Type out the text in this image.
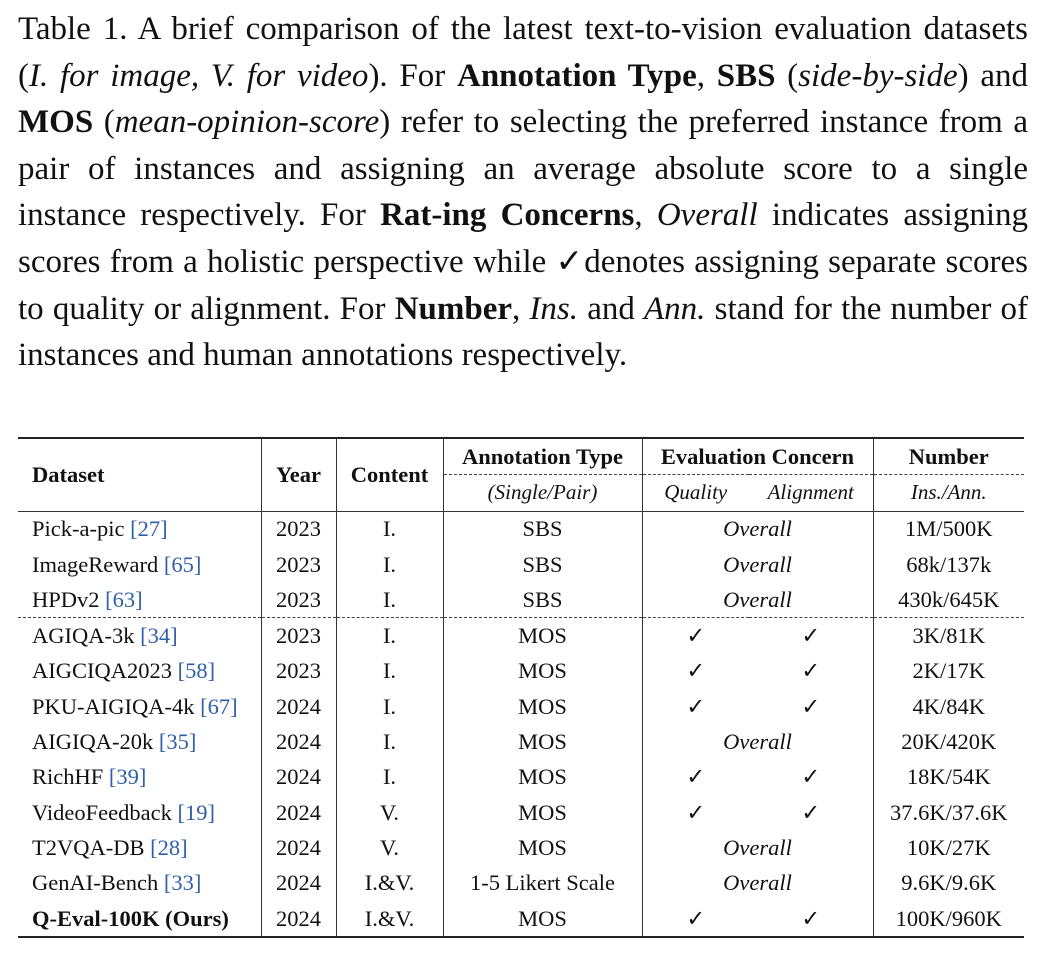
Table 1. A brief comparison of the latest text-to-vision evaluation datasets (I. for image, V. for video). For Annotation Type, SBS (side-by-side) and MOS (mean-opinion-score) refer to selecting the preferred instance from a pair of instances and assigning an average absolute score to a single instance respectively. For Rat-ing Concerns, Overall indicates assigning scores from a holistic perspective while ✓denotes assigning separate scores to quality or alignment. For Number, Ins. and Ann. stand for the number of instances and human annotations respectively.
Dataset	Year	Content	Annotation Type	Evaluation Concern		Number
			(Single/Pair)	Quality	Alignment	Ins./Ann.
Pick-a-pic [27]	2023	I.	SBS	Overall		1M/500K
ImageReward [65]	2023	I.	SBS	Overall		68k/137k
HPDv2 [63]	2023	I.	SBS	Overall		430k/645K
AGIQA-3k [34]	2023	I.	MOS	✓	✓	3K/81K
AIGCIQA2023 [58]	2023	I.	MOS	✓	✓	2K/17K
PKU-AIGIQA-4k [67]	2024	I.	MOS	✓	✓	4K/84K
AIGIQA-20k [35]	2024	I.	MOS	Overall		20K/420K
RichHF [39]	2024	I.	MOS	✓	✓	18K/54K
VideoFeedback [19]	2024	V.	MOS	✓	✓	37.6K/37.6K
T2VQA-DB [28]	2024	V.	MOS	Overall		10K/27K
GenAI-Bench [33]	2024	I.&V.	1-5 Likert Scale	Overall		9.6K/9.6K
Q-Eval-100K (Ours)	2024	I.&V.	MOS	✓	✓	100K/960K
